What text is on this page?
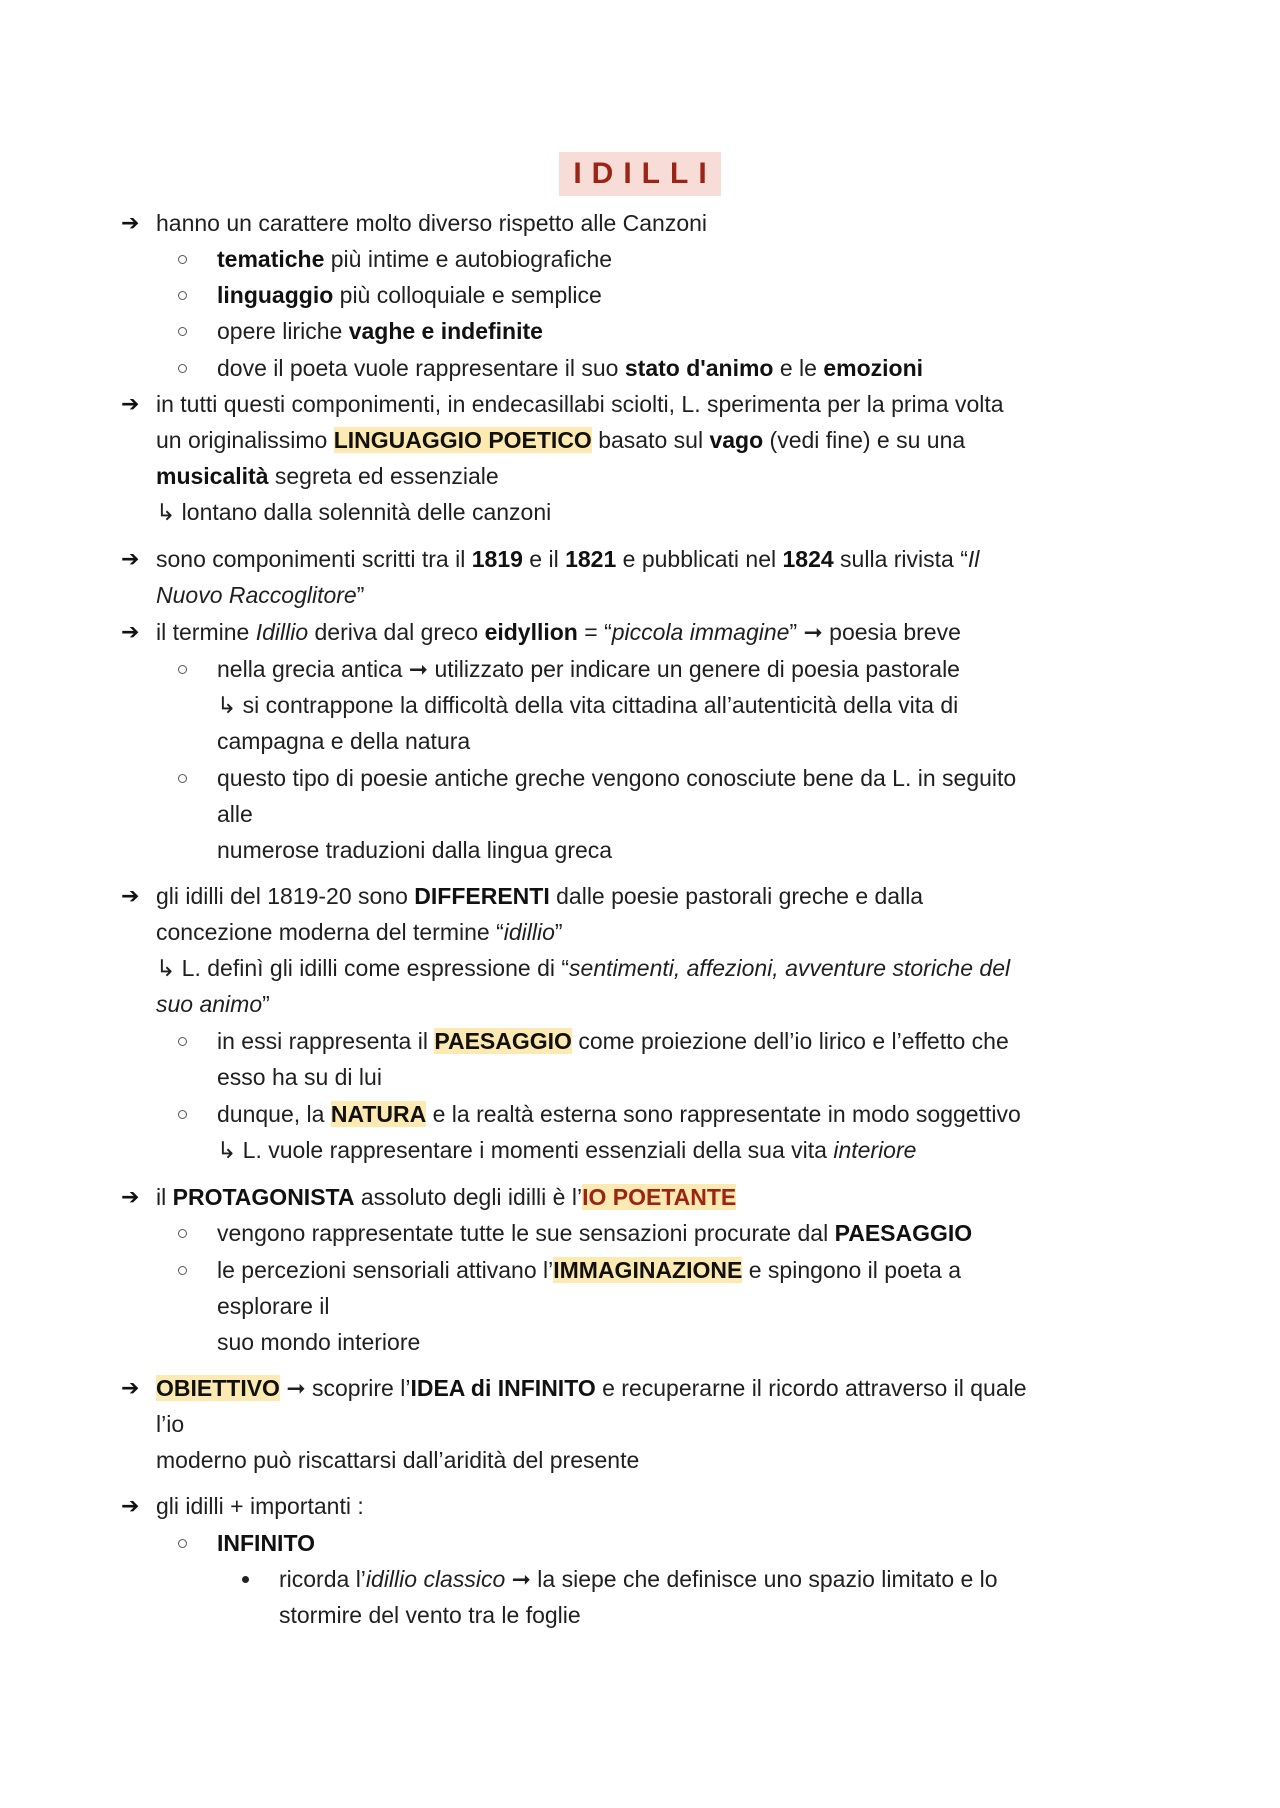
IDILLI
➔ hanno un carattere molto diverso rispetto alle Canzoni
tematiche più intime e autobiografiche
linguaggio più colloquiale e semplice
opere liriche vaghe e indefinite
dove il poeta vuole rappresentare il suo stato d'animo e le emozioni
➔ in tutti questi componimenti, in endecasillabi sciolti, L. sperimenta per la prima volta
un originalissimo LINGUAGGIO POETICO basato sul vago (vedi fine) e su una
musicalità segreta ed essenziale
↳ lontano dalla solennità delle canzoni
➔ sono componimenti scritti tra il 1819 e il 1821 e pubblicati nel 1824 sulla rivista “Il
Nuovo Raccoglitore”
➔ il termine Idillio deriva dal greco eidyllion = “piccola immagine” ➞ poesia breve
nella grecia antica ➞ utilizzato per indicare un genere di poesia pastorale
↳ si contrappone la difficoltà della vita cittadina all’autenticità della vita di
campagna e della natura
questo tipo di poesie antiche greche vengono conosciute bene da L. in seguito
alle
numerose traduzioni dalla lingua greca
➔ gli idilli del 1819-20 sono DIFFERENTI dalle poesie pastorali greche e dalla
concezione moderna del termine “idillio”
↳ L. definì gli idilli come espressione di “sentimenti, affezioni, avventure storiche del
suo animo”
in essi rappresenta il PAESAGGIO come proiezione dell’io lirico e l’effetto che
esso ha su di lui
dunque, la NATURA e la realtà esterna sono rappresentate in modo soggettivo
↳ L. vuole rappresentare i momenti essenziali della sua vita interiore
➔ il PROTAGONISTA assoluto degli idilli è l’IO POETANTE
vengono rappresentate tutte le sue sensazioni procurate dal PAESAGGIO
le percezioni sensoriali attivano l’IMMAGINAZIONE e spingono il poeta a
esplorare il
suo mondo interiore
➔ OBIETTIVO ➞ scoprire l’IDEA di INFINITO e recuperarne il ricordo attraverso il quale
l’io
moderno può riscattarsi dall’aridità del presente
➔ gli idilli + importanti :
INFINITO
ricorda l’idillio classico ➞ la siepe che definisce uno spazio limitato e lo
stormire del vento tra le foglie
